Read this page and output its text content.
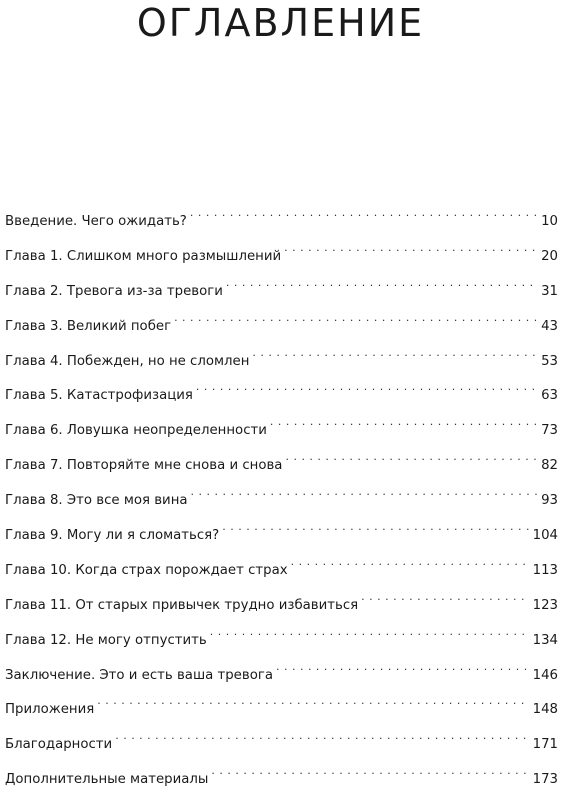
ОГЛАВЛЕНИЕ
Введение. Чего ожидать? . . .	10
Глава 1. Слишком много размышлений . . .	20
Глава 2. Тревога из-за тревоги . . .	31
Глава 3. Великий побег . . .	43
Глава 4. Побежден, но не сломлен . . .	53
Глава 5. Катастрофизация . . .	63
Глава 6. Ловушка неопределенности . . .	73
Глава 7. Повторяйте мне снова и снова . . .	82
Глава 8. Это все моя вина . . .	93
Глава 9. Могу ли я сломаться? . . .	104
Глава 10. Когда страх порождает страх . . .	113
Глава 11. От старых привычек трудно избавиться . . .	123
Глава 12. Не могу отпустить . . .	134
Заключение. Это и есть ваша тревога . . .	146
Приложения . . .	148
Благодарности . . .	171
Дополнительные материалы . . .	173
